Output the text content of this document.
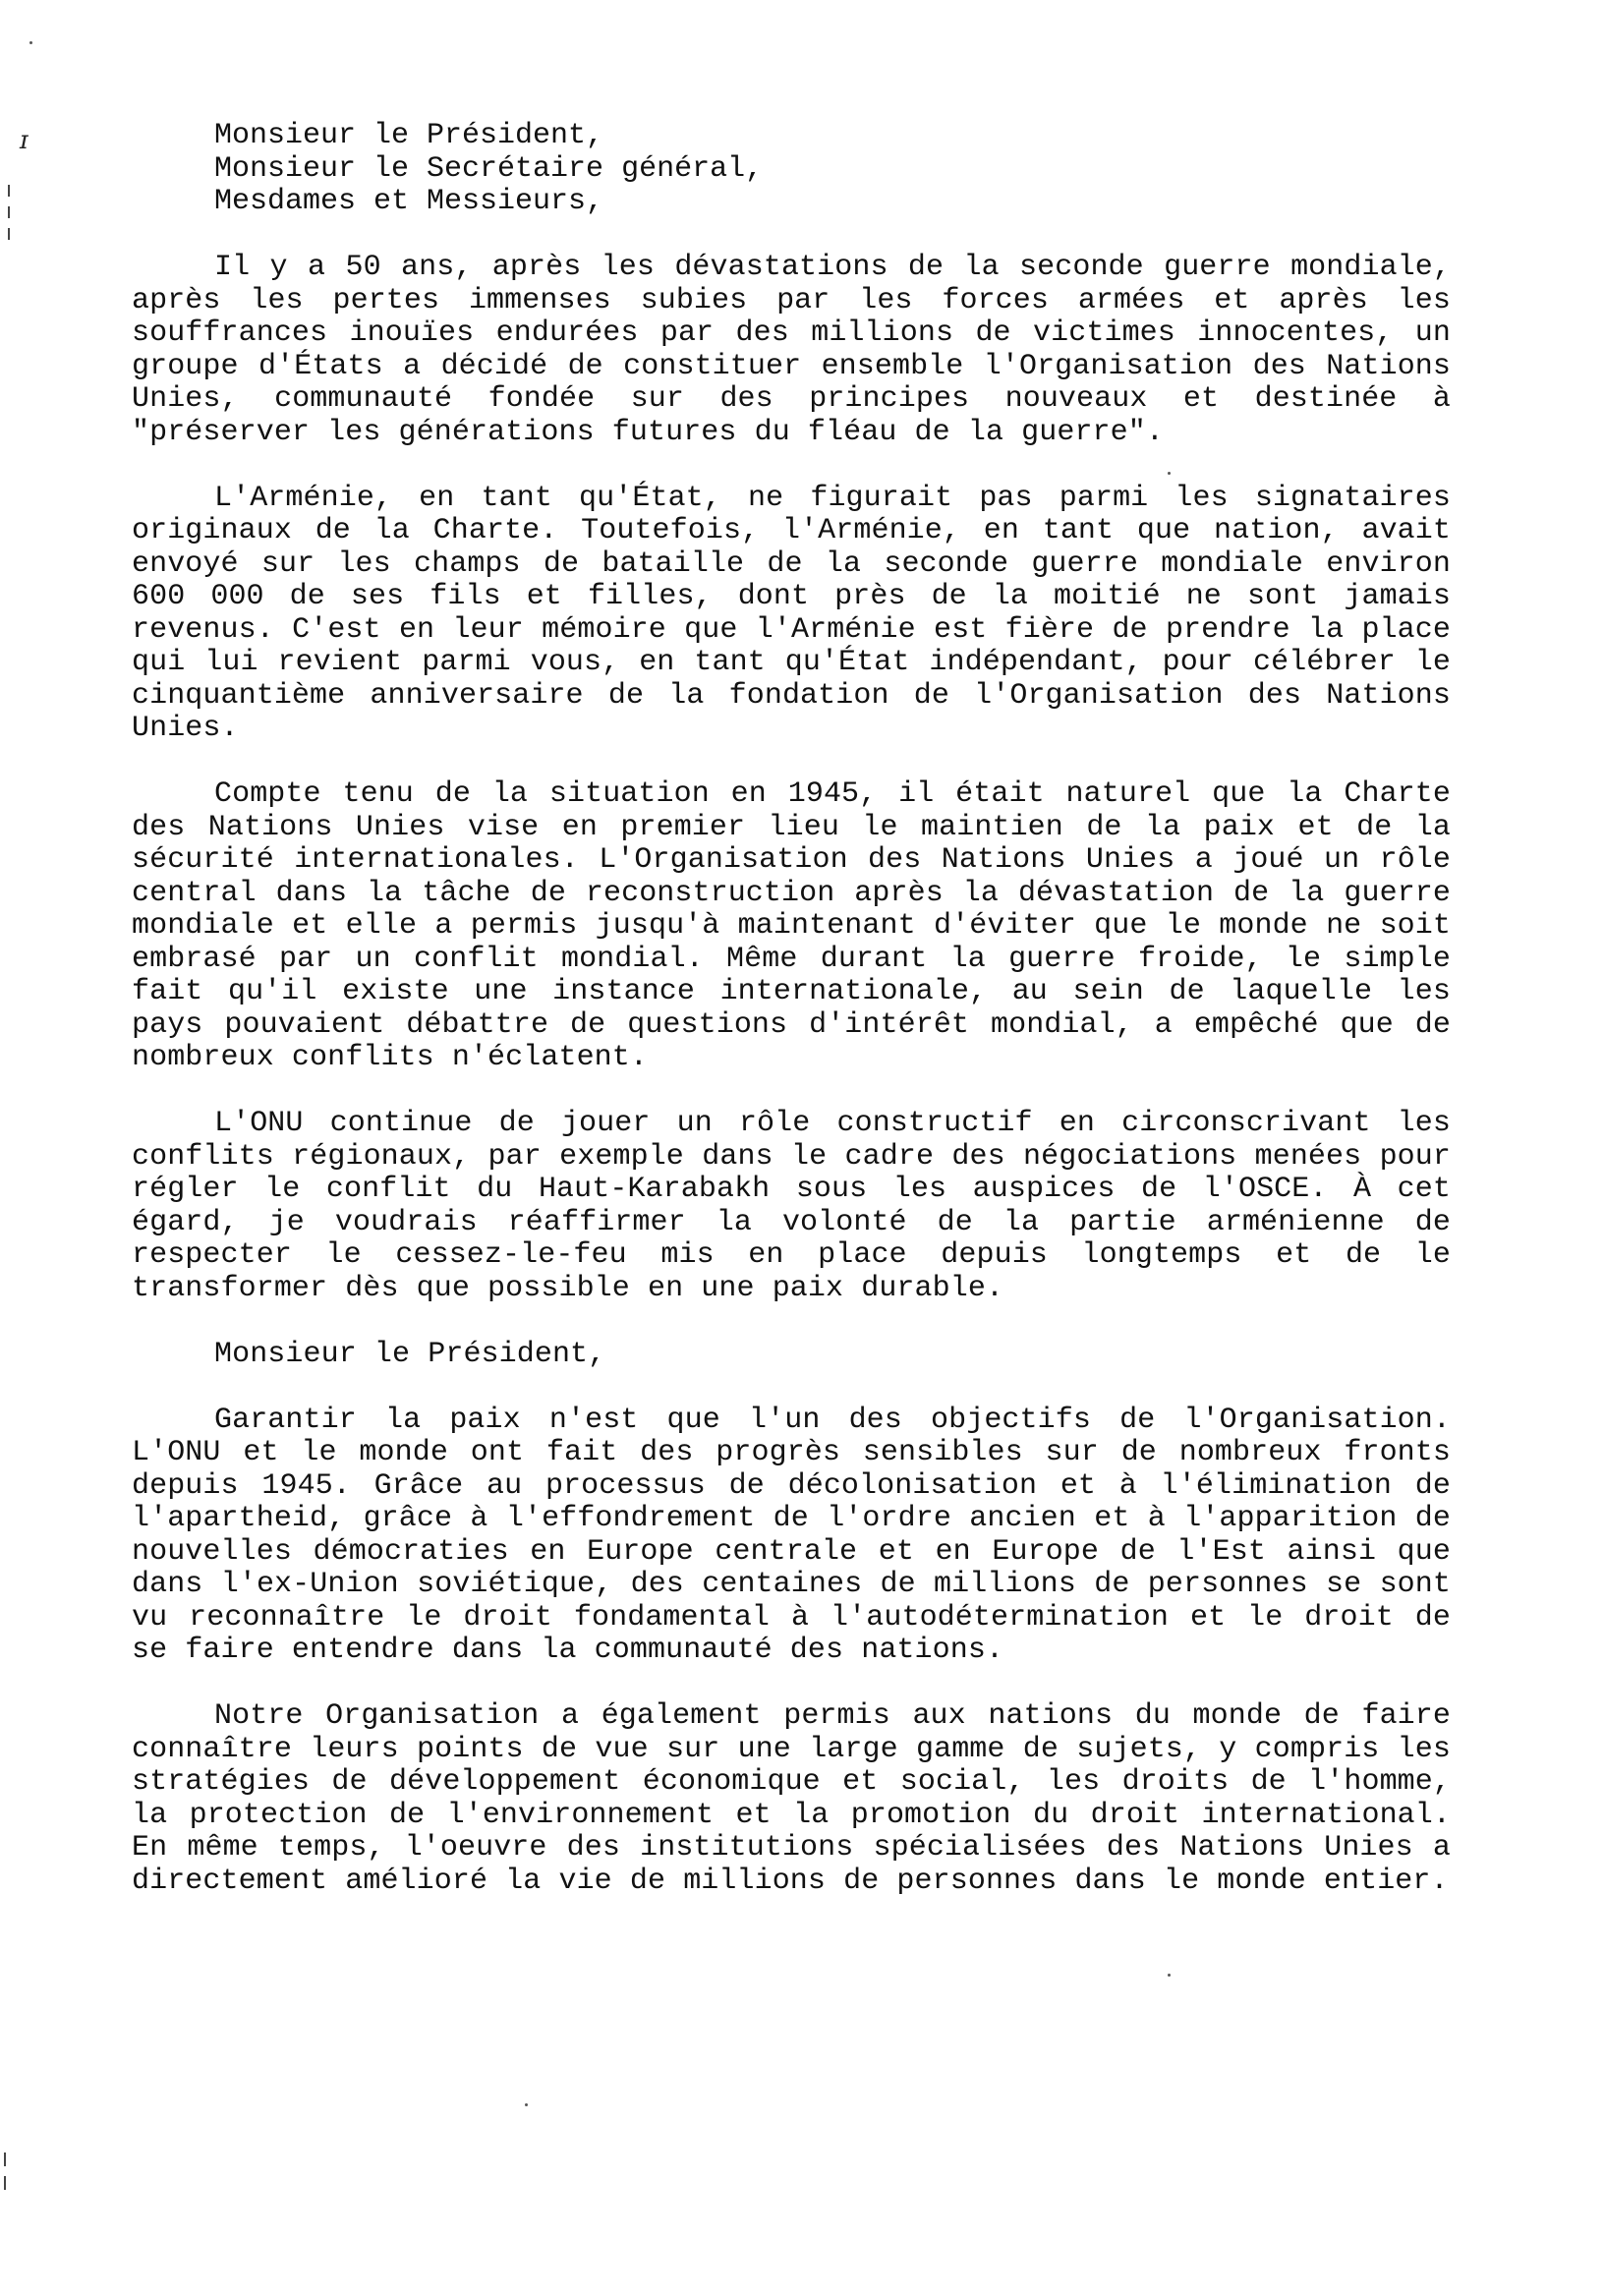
ɪ	Monsieur le Président,
Monsieur le Secrétaire général,
Mesdames et Messieurs,

Il y a 50 ans, après les dévastations de la seconde guerre mondiale, après les pertes immenses subies par les forces armées et après les souffrances inouïes endurées par des millions de victimes innocentes, un groupe d'États a décidé de constituer ensemble l'Organisation des Nations Unies, communauté fondée sur des principes nouveaux et destinée à "préserver les générations futures du fléau de la guerre".

L'Arménie, en tant qu'État, ne figurait pas parmi les signataires originaux de la Charte. Toutefois, l'Arménie, en tant que nation, avait envoyé sur les champs de bataille de la seconde guerre mondiale environ 600 000 de ses fils et filles, dont près de la moitié ne sont jamais revenus. C'est en leur mémoire que l'Arménie est fière de prendre la place qui lui revient parmi vous, en tant qu'État indépendant, pour célébrer le cinquantième anniversaire de la fondation de l'Organisation des Nations Unies.

Compte tenu de la situation en 1945, il était naturel que la Charte des Nations Unies vise en premier lieu le maintien de la paix et de la sécurité internationales. L'Organisation des Nations Unies a joué un rôle central dans la tâche de reconstruction après la dévastation de la guerre mondiale et elle a permis jusqu'à maintenant d'éviter que le monde ne soit embrasé par un conflit mondial. Même durant la guerre froide, le simple fait qu'il existe une instance internationale, au sein de laquelle les pays pouvaient débattre de questions d'intérêt mondial, a empêché que de nombreux conflits n'éclatent.

L'ONU continue de jouer un rôle constructif en circonscrivant les conflits régionaux, par exemple dans le cadre des négociations menées pour régler le conflit du Haut-Karabakh sous les auspices de l'OSCE. À cet égard, je voudrais réaffirmer la volonté de la partie arménienne de respecter le cessez-le-feu mis en place depuis longtemps et de le transformer dès que possible en une paix durable.

Monsieur le Président,

Garantir la paix n'est que l'un des objectifs de l'Organisation. L'ONU et le monde ont fait des progrès sensibles sur de nombreux fronts depuis 1945. Grâce au processus de décolonisation et à l'élimination de l'apartheid, grâce à l'effondrement de l'ordre ancien et à l'apparition de nouvelles démocraties en Europe centrale et en Europe de l'Est ainsi que dans l'ex-Union soviétique, des centaines de millions de personnes se sont vu reconnaître le droit fondamental à l'autodétermination et le droit de se faire entendre dans la communauté des nations.

Notre Organisation a également permis aux nations du monde de faire connaître leurs points de vue sur une large gamme de sujets, y compris les stratégies de développement économique et social, les droits de l'homme, la protection de l'environnement et la promotion du droit international. En même temps, l'oeuvre des institutions spécialisées des Nations Unies a directement amélioré la vie de millions de personnes dans le monde entier.
